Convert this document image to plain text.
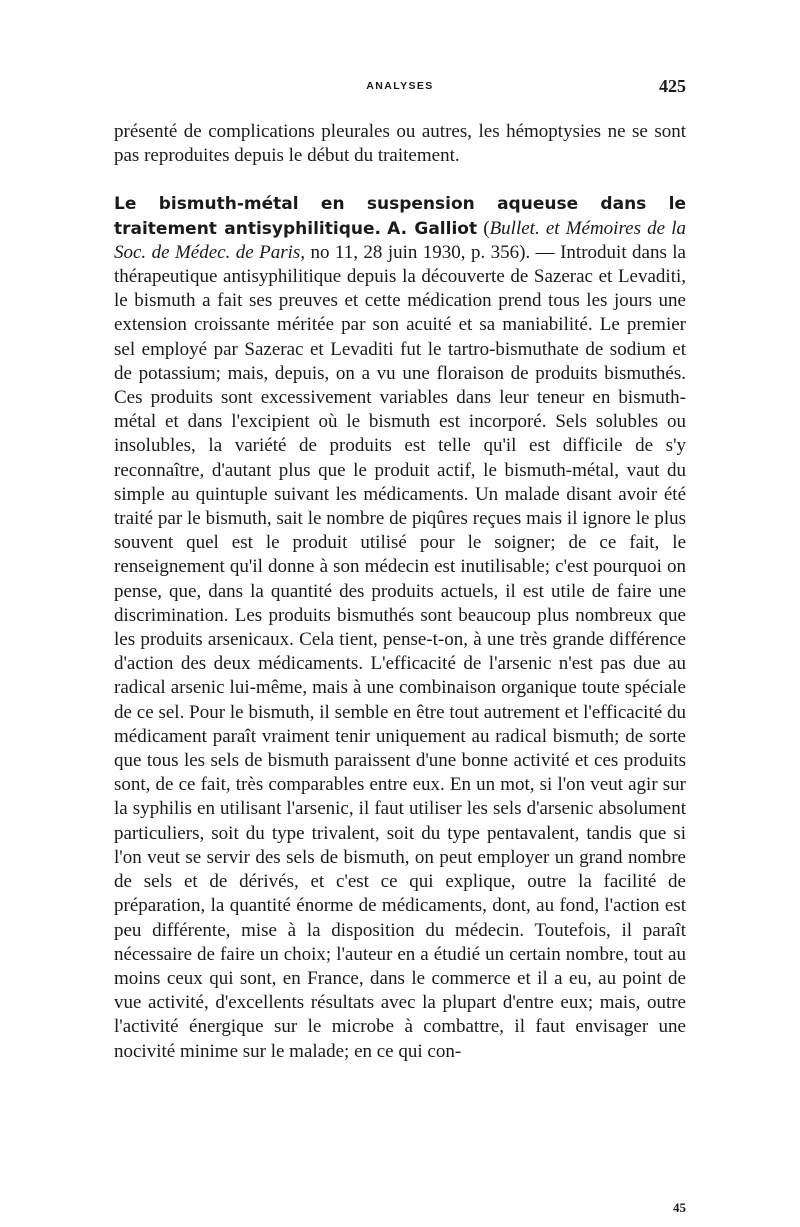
ANALYSES	425

présenté de complications pleurales ou autres, les hémoptysies ne se sont pas reproduites depuis le début du traitement.

Le bismuth-métal en suspension aqueuse dans le traitement antisyphilitique. A. Galliot (Bullet. et Mémoires de la Soc. de Médec. de Paris, no 11, 28 juin 1930, p. 356). — Introduit dans la thérapeutique antisyphilitique depuis la découverte de Sazerac et Levaditi, le bismuth a fait ses preuves et cette médication prend tous les jours une extension croissante méritée par son acuité et sa maniabilité. Le premier sel employé par Sazerac et Levaditi fut le tartro-bismuthate de sodium et de potassium; mais, depuis, on a vu une floraison de produits bismuthés. Ces produits sont excessivement variables dans leur teneur en bismuth-métal et dans l'excipient où le bismuth est incorporé. Sels solubles ou insolubles, la variété de produits est telle qu'il est difficile de s'y reconnaître, d'autant plus que le produit actif, le bismuth-métal, vaut du simple au quintuple suivant les médicaments. Un malade disant avoir été traité par le bismuth, sait le nombre de piqûres reçues mais il ignore le plus souvent quel est le produit utilisé pour le soigner; de ce fait, le renseignement qu'il donne à son médecin est inutilisable; c'est pourquoi on pense, que, dans la quantité des produits actuels, il est utile de faire une discrimination. Les produits bismuthés sont beaucoup plus nombreux que les produits arsenicaux. Cela tient, pense-t-on, à une très grande différence d'action des deux médicaments. L'efficacité de l'arsenic n'est pas due au radical arsenic lui-même, mais à une combinaison organique toute spéciale de ce sel. Pour le bismuth, il semble en être tout autrement et l'efficacité du médicament paraît vraiment tenir uniquement au radical bismuth; de sorte que tous les sels de bismuth paraissent d'une bonne activité et ces produits sont, de ce fait, très comparables entre eux. En un mot, si l'on veut agir sur la syphilis en utilisant l'arsenic, il faut utiliser les sels d'arsenic absolument particuliers, soit du type trivalent, soit du type pentavalent, tandis que si l'on veut se servir des sels de bismuth, on peut employer un grand nombre de sels et de dérivés, et c'est ce qui explique, outre la facilité de préparation, la quantité énorme de médicaments, dont, au fond, l'action est peu différente, mise à la disposition du médecin. Toutefois, il paraît nécessaire de faire un choix; l'auteur en a étudié un certain nombre, tout au moins ceux qui sont, en France, dans le commerce et il a eu, au point de vue activité, d'excellents résultats avec la plupart d'entre eux; mais, outre l'activité énergique sur le microbe à combattre, il faut envisager une nocivité minime sur le malade; en ce qui con-

45
